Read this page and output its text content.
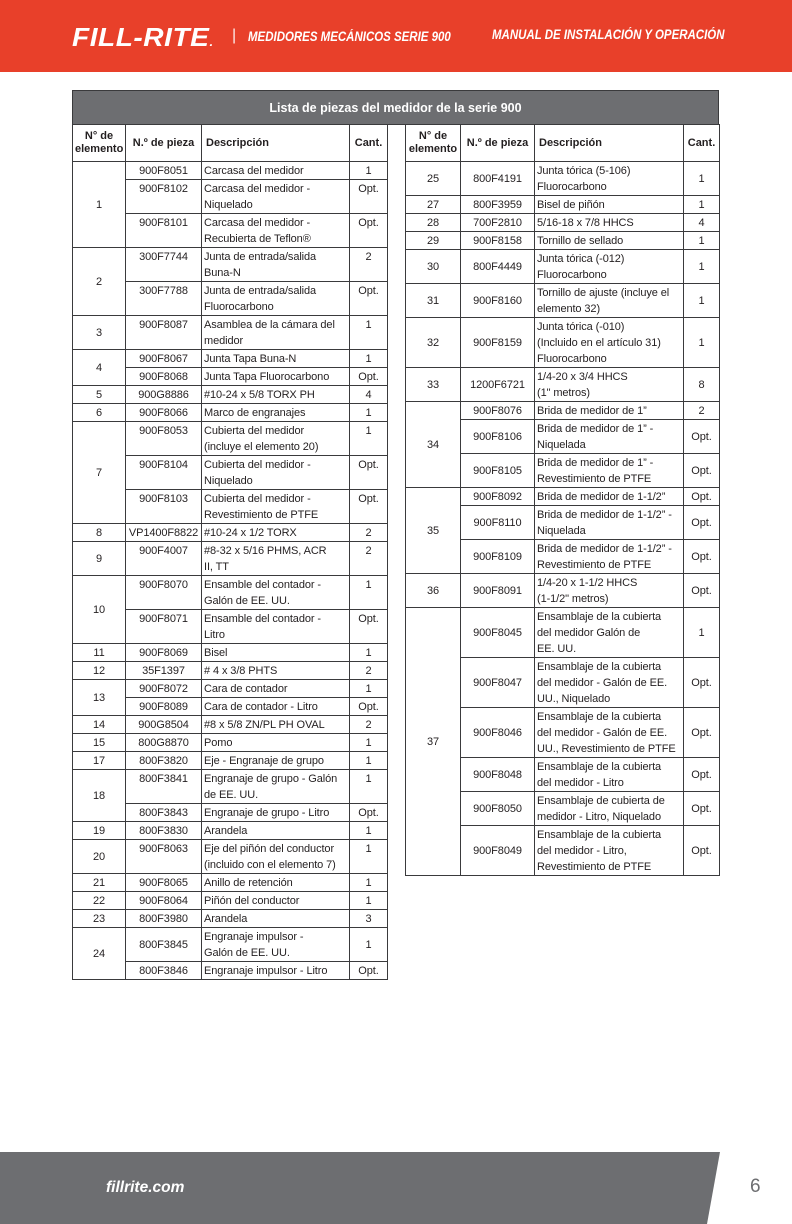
FILL-RITE. | MEDIDORES MECÁNICOS SERIE 900	MANUAL DE INSTALACIÓN Y OPERACIÓN
Lista de piezas del medidor de la serie 900
N° de
elemento	N.º de pieza	Descripción	Cant.
1	900F8051	Carcasa del medidor	1
	900F8102	Carcasa del medidor -
Niquelado	Opt.
	900F8101	Carcasa del medidor -
Recubierta de Teflon®	Opt.
2	300F7744	Junta de entrada/salida
Buna-N	2
	300F7788	Junta de entrada/salida
Fluorocarbono	Opt.
3	900F8087	Asamblea de la cámara del
medidor	1
4	900F8067	Junta Tapa Buna-N	1
	900F8068	Junta Tapa Fluorocarbono	Opt.
5	900G8886	#10-24 x 5/8 TORX PH	4
6	900F8066	Marco de engranajes	1
7	900F8053	Cubierta del medidor
(incluye el elemento 20)	1
	900F8104	Cubierta del medidor -
Niquelado	Opt.
	900F8103	Cubierta del medidor -
Revestimiento de PTFE	Opt.
8	VP1400F8822	#10-24 x 1/2 TORX	2
9	900F4007	#8-32 x 5/16 PHMS, ACR
II, TT	2
10	900F8070	Ensamble del contador -
Galón de EE. UU.	1
	900F8071	Ensamble del contador -
Litro	Opt.
11	900F8069	Bisel	1
12	35F1397	# 4 x 3/8 PHTS	2
13	900F8072	Cara de contador	1
	900F8089	Cara de contador - Litro	Opt.
14	900G8504	#8 x 5/8 ZN/PL PH OVAL	2
15	800G8870	Pomo	1
17	800F3820	Eje - Engranaje de grupo	1
18	800F3841	Engranaje de grupo - Galón
de EE. UU.	1
	800F3843	Engranaje de grupo - Litro	Opt.
19	800F3830	Arandela	1
20	900F8063	Eje del piñón del conductor
(incluido con el elemento 7)	1
21	900F8065	Anillo de retención	1
22	900F8064	Piñón del conductor	1
23	800F3980	Arandela	3
24	800F3845	Engranaje impulsor -
Galón de EE. UU.	1
	800F3846	Engranaje impulsor - Litro	Opt.
N° de
elemento	N.º de pieza	Descripción	Cant.
25	800F4191	Junta tórica (5-106)
Fluorocarbono	1
27	800F3959	Bisel de piñón	1
28	700F2810	5/16-18 x 7/8 HHCS	4
29	900F8158	Tornillo de sellado	1
30	800F4449	Junta tórica (-012)
Fluorocarbono	1
31	900F8160	Tornillo de ajuste (incluye el
elemento 32)	1
32	900F8159	Junta tórica (-010)
(Incluido en el artículo 31)
Fluorocarbono	1
33	1200F6721	1/4-20 x 3/4 HHCS
(1" metros)	8
34	900F8076	Brida de medidor de 1”	2
	900F8106	Brida de medidor de 1” -
Niquelada	Opt.
	900F8105	Brida de medidor de 1” -
Revestimiento de PTFE	Opt.
35	900F8092	Brida de medidor de 1-1/2”	Opt.
	900F8110	Brida de medidor de 1-1/2” -
Niquelada	Opt.
	900F8109	Brida de medidor de 1-1/2” -
Revestimiento de PTFE	Opt.
36	900F8091	1/4-20 x 1-1/2 HHCS
(1-1/2" metros)	Opt.
37	900F8045	Ensamblaje de la cubierta
del medidor Galón de
EE. UU.	1
	900F8047	Ensamblaje de la cubierta
del medidor - Galón de EE.
UU., Niquelado	Opt.
	900F8046	Ensamblaje de la cubierta
del medidor - Galón de EE.
UU., Revestimiento de PTFE	Opt.
	900F8048	Ensamblaje de la cubierta
del medidor - Litro	Opt.
	900F8050	Ensamblaje de cubierta de
medidor - Litro, Niquelado	Opt.
	900F8049	Ensamblaje de la cubierta
del medidor - Litro,
Revestimiento de PTFE	Opt.
fillrite.com	6
